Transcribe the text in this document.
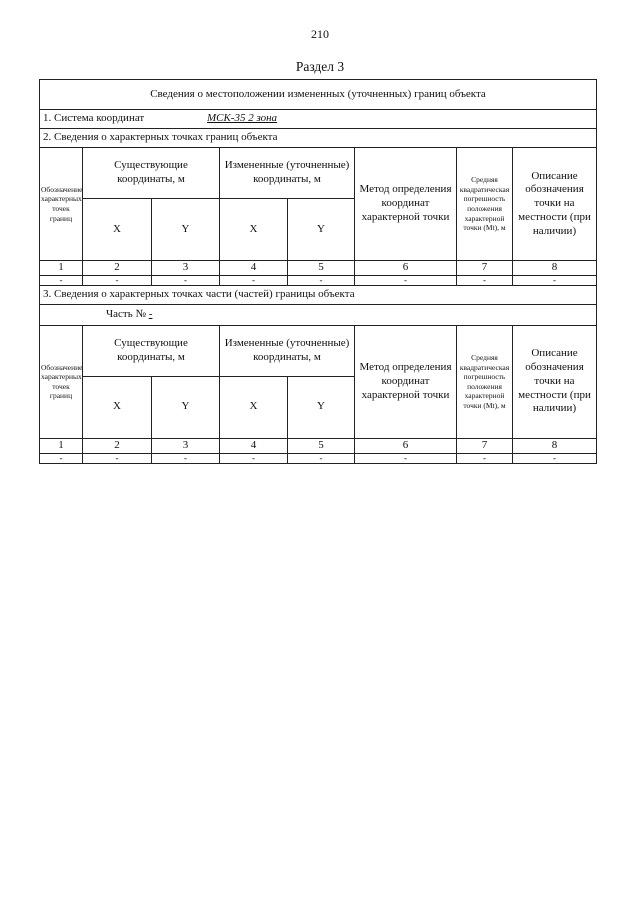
210
Раздел 3
Сведения о местоположении измененных (уточненных) границ объекта							
1. Система координат МСК-35 2 зона							
2. Сведения о характерных точках границ объекта							
Обозначение характерных точек границ	Существующие координаты, м		Измененные (уточненные) координаты, м		Метод определения координат характерной точки	Средняя квадратическая погрешность положения характерной точки (Mt), м	Описание обозначения точки на местности (при наличии)
	X	Y	X	Y			
1	2	3	4	5	6	7	8
-	-	-	-	-	-	-	-
3. Сведения о характерных точках части (частей) границы объекта							
Часть № -							
Обозначение характерных точек границ	Существующие координаты, м		Измененные (уточненные) координаты, м		Метод определения координат характерной точки	Средняя квадратическая погрешность положения характерной точки (Mt), м	Описание обозначения точки на местности (при наличии)
	X	Y	X	Y			
1	2	3	4	5	6	7	8
-	-	-	-	-	-	-	-
